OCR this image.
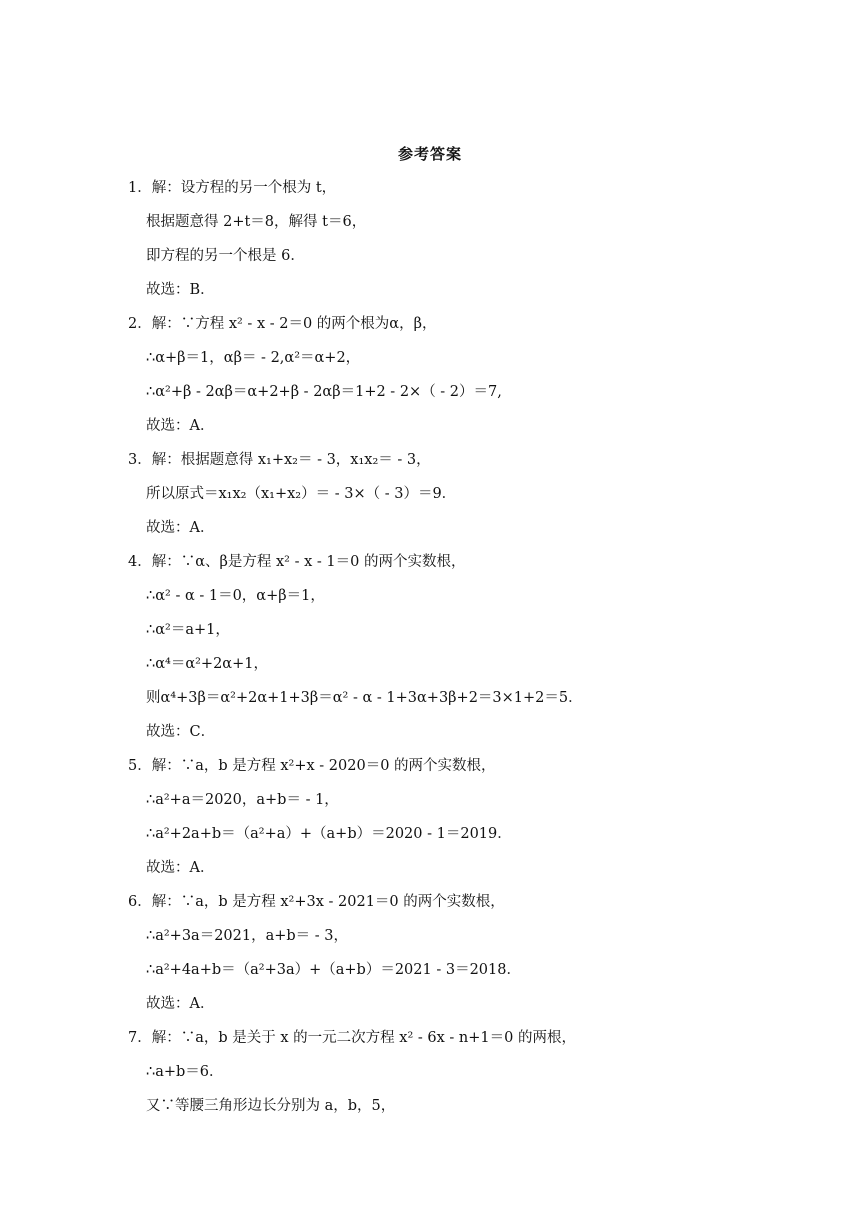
参考答案
1．解：设方程的另一个根为 t，
根据题意得 2+t＝8，解得 t＝6，
即方程的另一个根是 6．
故选：B．
2．解：∵方程 x² - x - 2＝0 的两个根为α，β，
∴α+β＝1，αβ＝ - 2,α²＝α+2，
∴α²+β - 2αβ＝α+2+β - 2αβ＝1+2 - 2×（ - 2）＝7,
故选：A．
3．解：根据题意得 x₁+x₂＝ - 3，x₁x₂＝ - 3，
所以原式＝x₁x₂（x₁+x₂）＝ - 3×（ - 3）＝9．
故选：A．
4．解：∵α、β是方程 x² - x - 1＝0 的两个实数根，
∴α² - α - 1＝0，α+β＝1，
∴α²＝a+1，
∴α⁴＝α²+2α+1，
则α⁴+3β＝α²+2α+1+3β＝α² - α - 1+3α+3β+2＝3×1+2＝5．
故选：C．
5．解：∵a，b 是方程 x²+x - 2020＝0 的两个实数根，
∴a²+a＝2020，a+b＝ - 1，
∴a²+2a+b＝（a²+a）+（a+b）＝2020 - 1＝2019．
故选：A．
6．解：∵a，b 是方程 x²+3x - 2021＝0 的两个实数根，
∴a²+3a＝2021，a+b＝ - 3，
∴a²+4a+b＝（a²+3a）+（a+b）＝2021 - 3＝2018．
故选：A．
7．解：∵a，b 是关于 x 的一元二次方程 x² - 6x - n+1＝0 的两根，
∴a+b＝6．
又∵等腰三角形边长分别为 a，b，5，
